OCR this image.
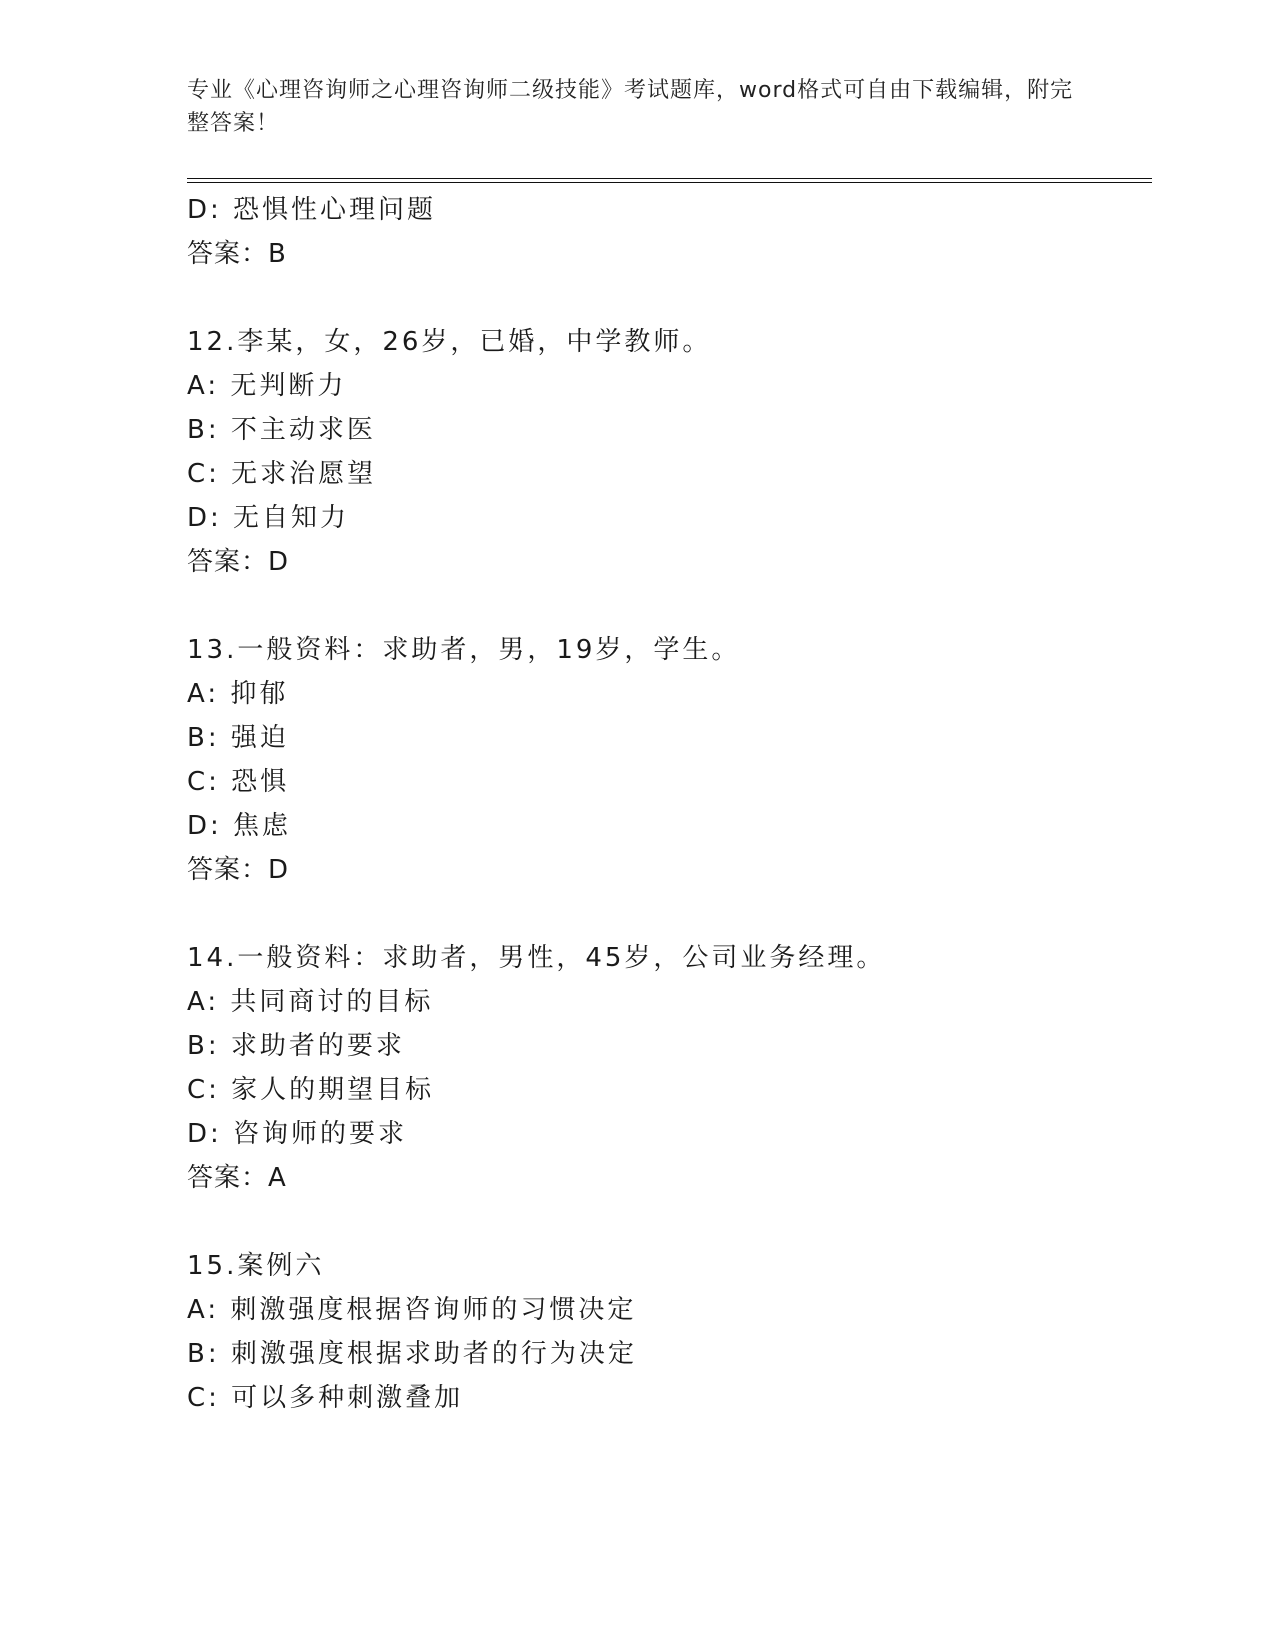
专业《心理咨询师之心理咨询师二级技能》考试题库，word格式可自由下载编辑，附完整答案！
D: 恐惧性心理问题
答案：B
12.李某，女，26岁，已婚，中学教师。
A: 无判断力
B: 不主动求医
C: 无求治愿望
D: 无自知力
答案：D
13.一般资料：求助者，男，19岁，学生。
A: 抑郁
B: 强迫
C: 恐惧
D: 焦虑
答案：D
14.一般资料：求助者，男性，45岁，公司业务经理。
A: 共同商讨的目标
B: 求助者的要求
C: 家人的期望目标
D: 咨询师的要求
答案：A
15.案例六
A: 刺激强度根据咨询师的习惯决定
B: 刺激强度根据求助者的行为决定
C: 可以多种刺激叠加
